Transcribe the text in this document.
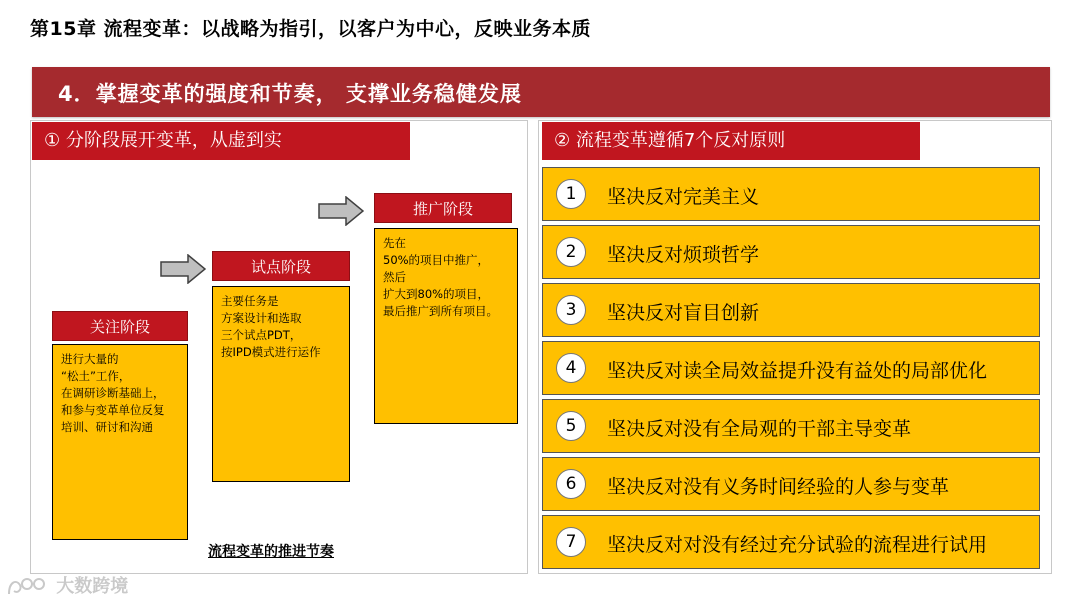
第15章 流程变革：以战略为指引，以客户为中心，反映业务本质
4．掌握变革的强度和节奏， 支撑业务稳健发展
① 分阶段展开变革，从虚到实
关注阶段
进行大量的
“松土”工作，
在调研诊断基础上，
和参与变革单位反复
培训、研讨和沟通
试点阶段
主要任务是
方案设计和选取
三个试点PDT，
按IPD模式进行运作
推广阶段
先在
50%的项目中推广，
然后
扩大到80%的项目，
最后推广到所有项目。
流程变革的推进节奏
② 流程变革遵循7个反对原则
1	坚决反对完美主义
2	坚决反对烦琐哲学
3	坚决反对盲目创新
4	坚决反对读全局效益提升没有益处的局部优化
5	坚决反对没有全局观的干部主导变革
6	坚决反对没有义务时间经验的人参与变革
7	坚决反对对没有经过充分试验的流程进行试用
大数跨境
